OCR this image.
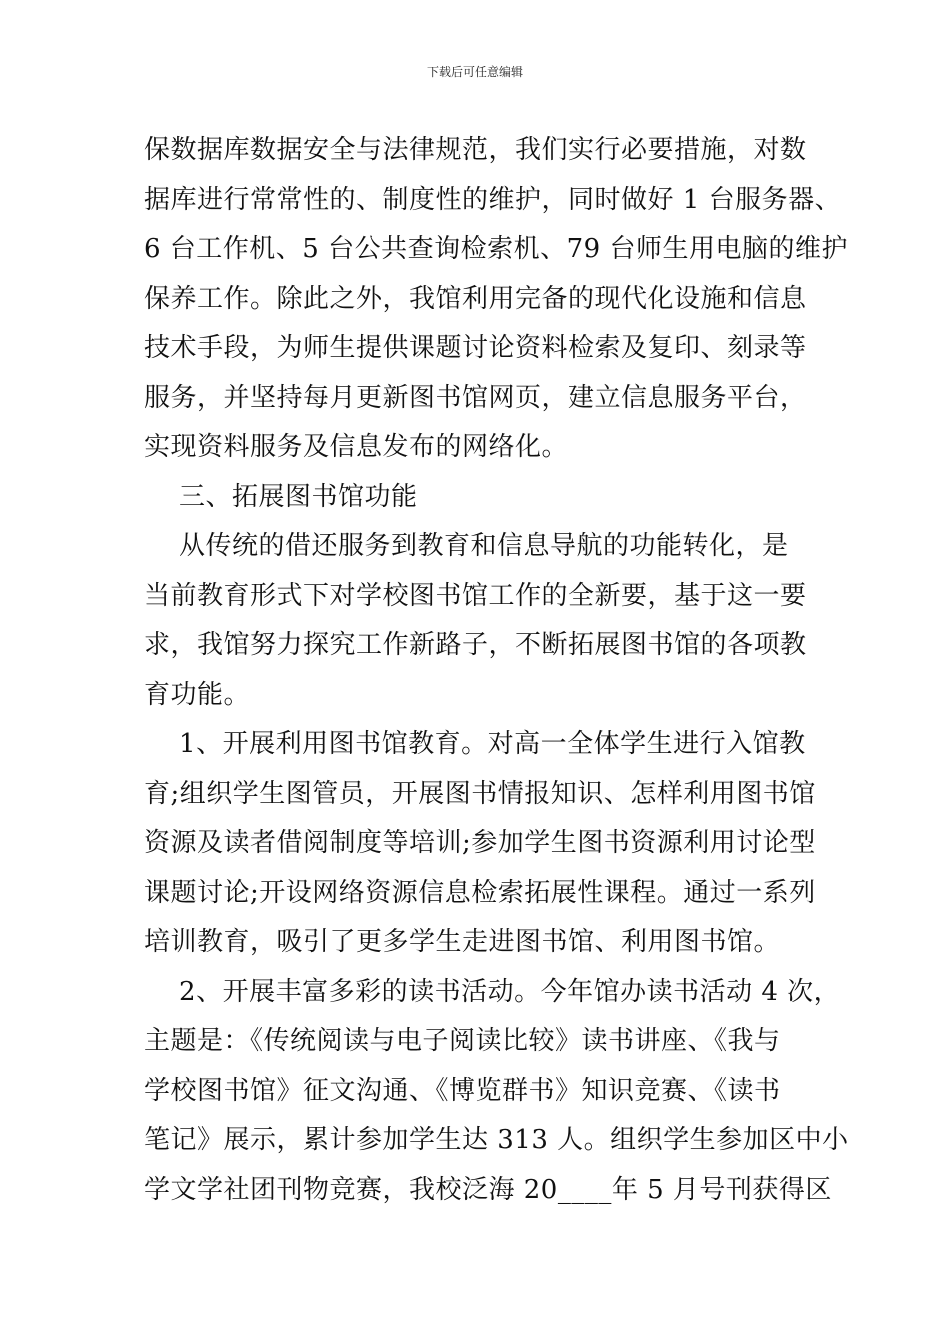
下载后可任意编辑
保数据库数据安全与法律规范，我们实行必要措施，对数
据库进行常常性的、制度性的维护，同时做好 1 台服务器、
6 台工作机、5 台公共查询检索机、79 台师生用电脑的维护
保养工作。除此之外，我馆利用完备的现代化设施和信息
技术手段，为师生提供课题讨论资料检索及复印、刻录等
服务，并坚持每月更新图书馆网页，建立信息服务平台，
实现资料服务及信息发布的网络化。
三、拓展图书馆功能
从传统的借还服务到教育和信息导航的功能转化，是
当前教育形式下对学校图书馆工作的全新要，基于这一要
求，我馆努力探究工作新路子，不断拓展图书馆的各项教
育功能。
1、开展利用图书馆教育。对高一全体学生进行入馆教
育;组织学生图管员，开展图书情报知识、怎样利用图书馆
资源及读者借阅制度等培训;参加学生图书资源利用讨论型
课题讨论;开设网络资源信息检索拓展性课程。通过一系列
培训教育，吸引了更多学生走进图书馆、利用图书馆。
2、开展丰富多彩的读书活动。今年馆办读书活动 4 次，
主题是：《传统阅读与电子阅读比较》读书讲座、《我与
学校图书馆》征文沟通、《博览群书》知识竞赛、《读书
笔记》展示，累计参加学生达 313 人。组织学生参加区中小
学文学社团刊物竞赛，我校泛海 20____年 5 月号刊获得区
